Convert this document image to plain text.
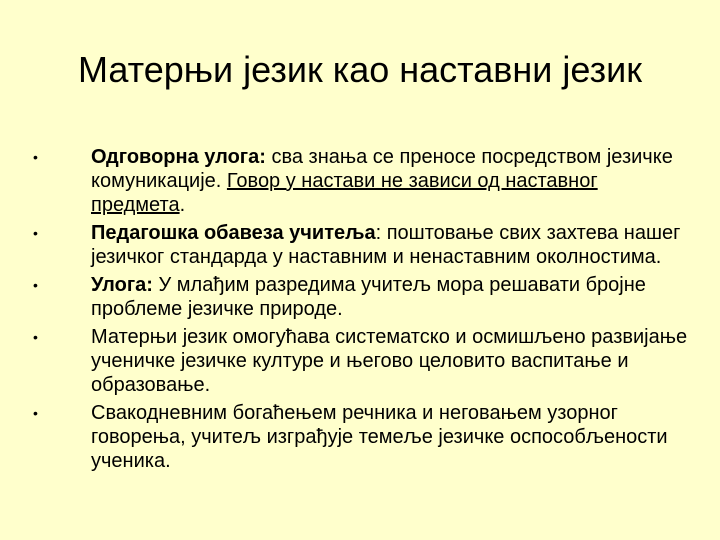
Матерњи језик као наставни језик
•	Одговорна улога: сва знања се преносе посредством језичке комуникације. Говор у настави не зависи од наставног предмета.
•	Педагошка обавеза учитеља: поштовање свих захтева нашег језичког стандарда у наставним и ненаставним околностима.
•	Улога: У млађим разредима учитељ мора решавати бројне проблеме језичке природе.
•	Матерњи језик омогућава систематско и осмишљено развијање ученичке језичке културе и његово целовито васпитање и образовање.
•	Свакодневним богаћењем речника и неговањем узорног говорења, учитељ изграђује темеље језичке оспособљености ученика.
